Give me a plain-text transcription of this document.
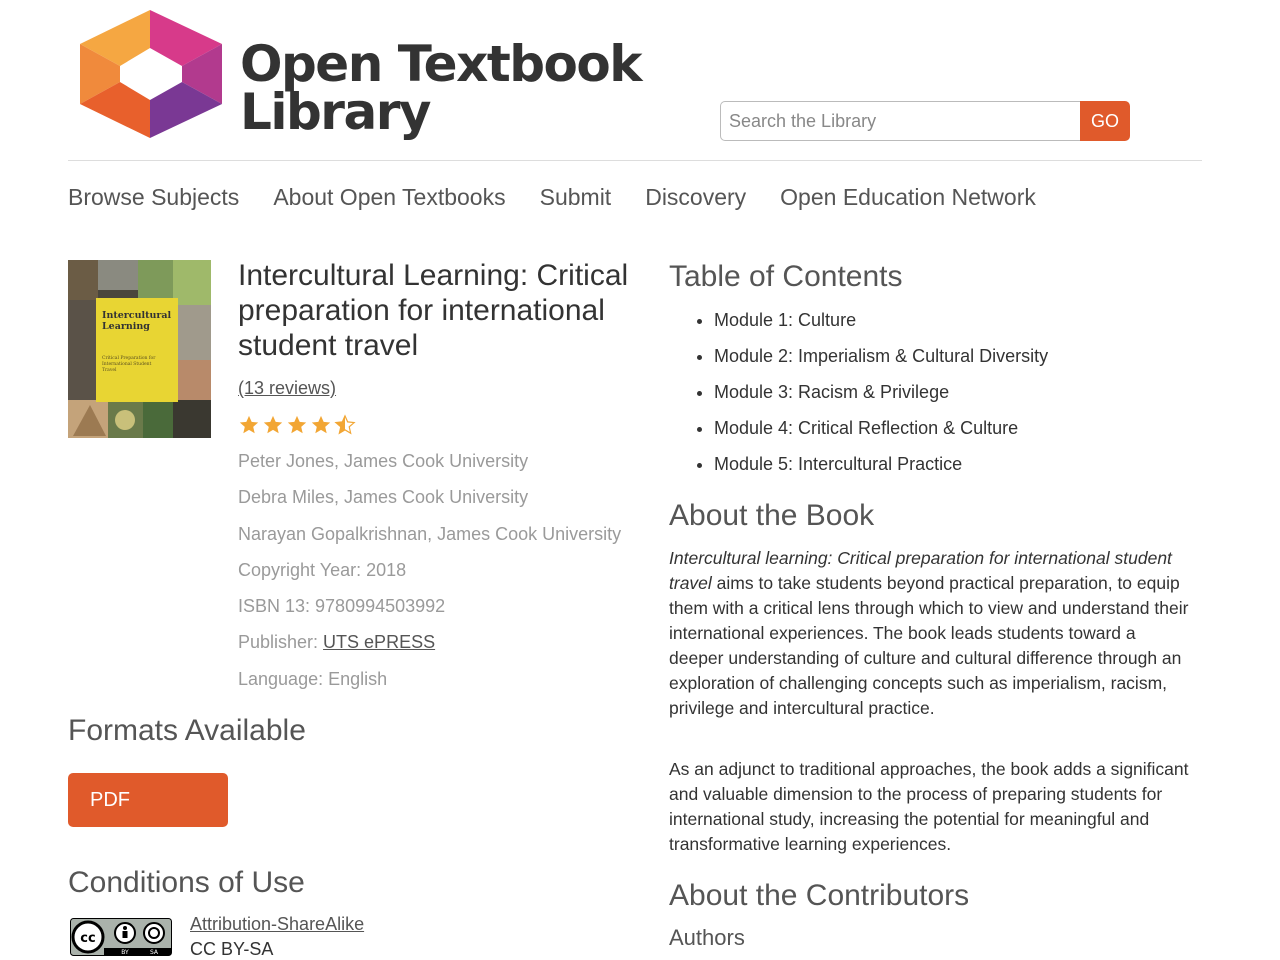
Open Textbook
Library
Search the Library	GO
Browse Subjects About Open Textbooks Submit Discovery Open Education Network
Intercultural Learning
Critical Preparation for International Student Travel
Intercultural Learning: Critical preparation for international student travel
(13 reviews)
Peter Jones, James Cook University
Debra Miles, James Cook University
Narayan Gopalkrishnan, James Cook University
Copyright Year: 2018
ISBN 13: 9780994503992
Publisher: UTS ePRESS
Language: English
Formats Available
PDF
Conditions of Use
cc
BY	SA
Attribution-ShareAlike
CC BY-SA
Table of Contents
• Module 1: Culture
• Module 2: Imperialism & Cultural Diversity
• Module 3: Racism & Privilege
• Module 4: Critical Reflection & Culture
• Module 5: Intercultural Practice
About the Book

Intercultural learning: Critical preparation for international student travel aims to take students beyond practical preparation, to equip them with a critical lens through which to view and understand their international experiences. The book leads students toward a deeper understanding of culture and cultural difference through an exploration of challenging concepts such as imperialism, racism, privilege and intercultural practice.

As an adjunct to traditional approaches, the book adds a significant and valuable dimension to the process of preparing students for international study, increasing the potential for meaningful and transformative learning experiences.

About the Contributors
Authors
